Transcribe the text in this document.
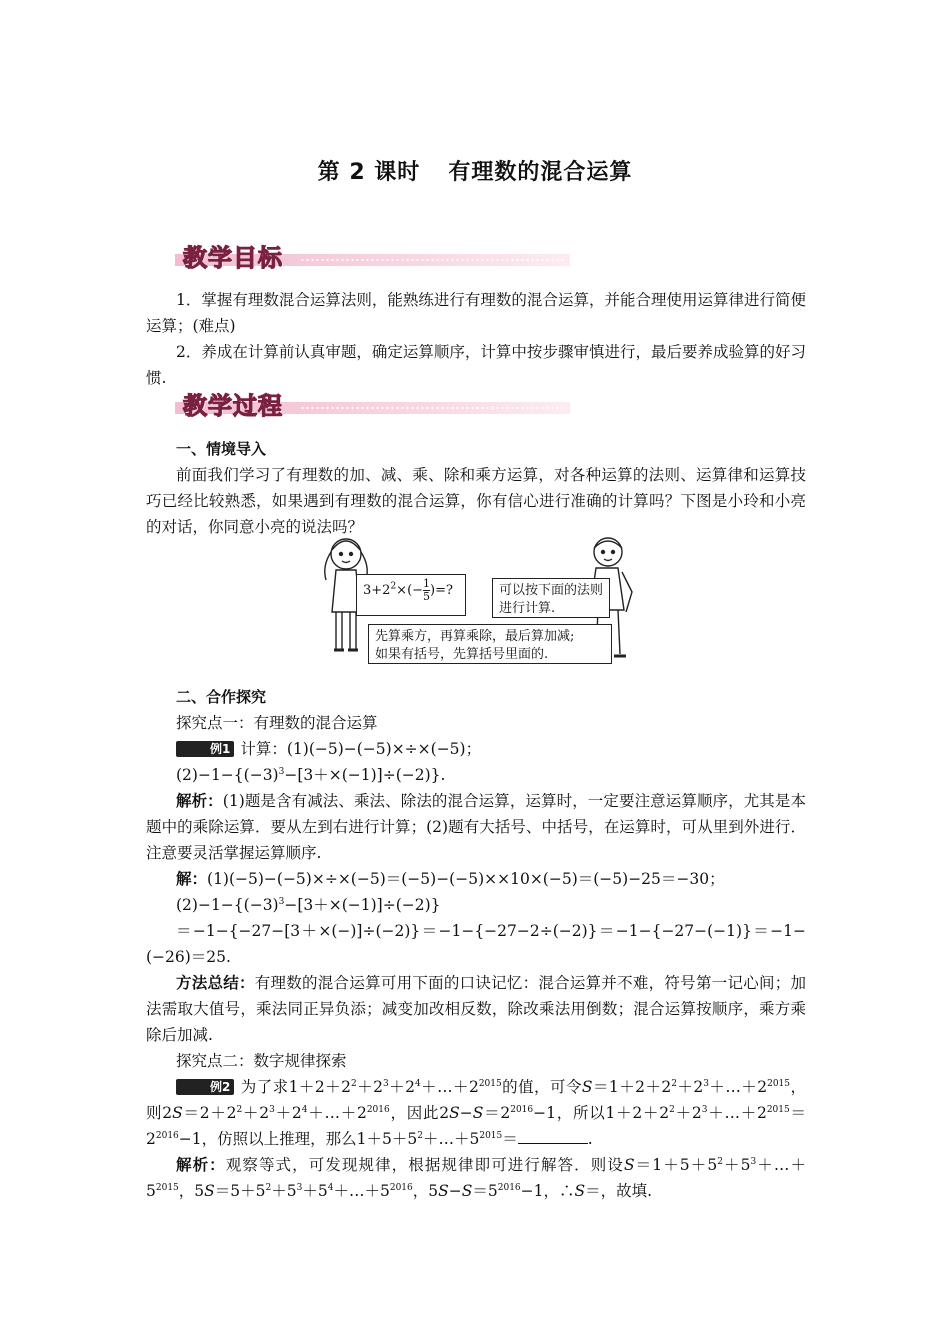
第 2 课时 有理数的混合运算
教学目标

1．掌握有理数混合运算法则，能熟练进行有理数的混合运算，并能合理使用运算律进行简便运算；(难点)

2．养成在计算前认真审题，确定运算顺序，计算中按步骤审慎进行，最后要养成验算的好习惯.

教学过程

一、情境导入

前面我们学习了有理数的加、减、乘、除和乘方运算，对各种运算的法则、运算律和运算技巧已经比较熟悉，如果遇到有理数的混合运算，你有信心进行准确的计算吗？下图是小玲和小亮的对话，你同意小亮的说法吗？

$3+2^2\times(- \frac{1}{5}$ )=?	可以按下面的法则进行计算.
先算乘方，再算乘除，最后算加减;
如果有括号，先算括号里面的.

二、合作探究

探究点一：有理数的混合运算

例1 计算：(1)(−5)−(−5)×÷×(−5)；

$(2)-1-\{(-3)^3-[3+\times(-1)]\div(-2)\}$.

解析：(1)题是含有减法、乘法、除法的混合运算，运算时，一定要注意运算顺序，尤其是本题中的乘除运算．要从左到右进行计算；(2)题有大括号、中括号，在运算时，可从里到外进行．注意要灵活掌握运算顺序.

解：(1)(−5)−(−5)×÷×(−5)＝(−5)−(−5)××10×(−5)＝(−5)−25＝−30；

$(2)-1-\{(-3)^3-[3+\times(-1)]\div(-2)\}$

＝−1−{−27−[3＋×(−)]÷(−2)}＝−1−{−27−2÷(−2)}＝−1−{−27−(−1)}＝−1−(−26)＝25.

方法总结：有理数的混合运算可用下面的口诀记忆：混合运算并不难，符号第一记心间；加法需取大值号，乘法同正异负添；减变加改相反数，除改乘法用倒数；混合运算按顺序，乘方乘除后加减.

探究点二：数字规律探索

例2 为了求$1+2+2^2+2^3+2^4+\dots+2^{2015}$的值，可令$S=1+2+2^2+2^3+\dots+2^{2015}$，则$2S=2+2^2+2^3+2^4+\dots+2^{2016}$，因此$2S-S=2^{2016}-1$，所以$1+2+2^2+2^3+\dots+2^{2015}=2^{2016}-1$，仿照以上推理，那么$1+5+5^2+\dots+5^{2015}=$	.

解析：观察等式，可发现规律，根据规律即可进行解答．则设$S=1+5+5^2+5^3+\dots+5^{2015}$，$5S=5+5^2+5^3+5^4+\dots+5^{2016}$，$5S-S=5^{2016}-1$，∴S＝，故填.
